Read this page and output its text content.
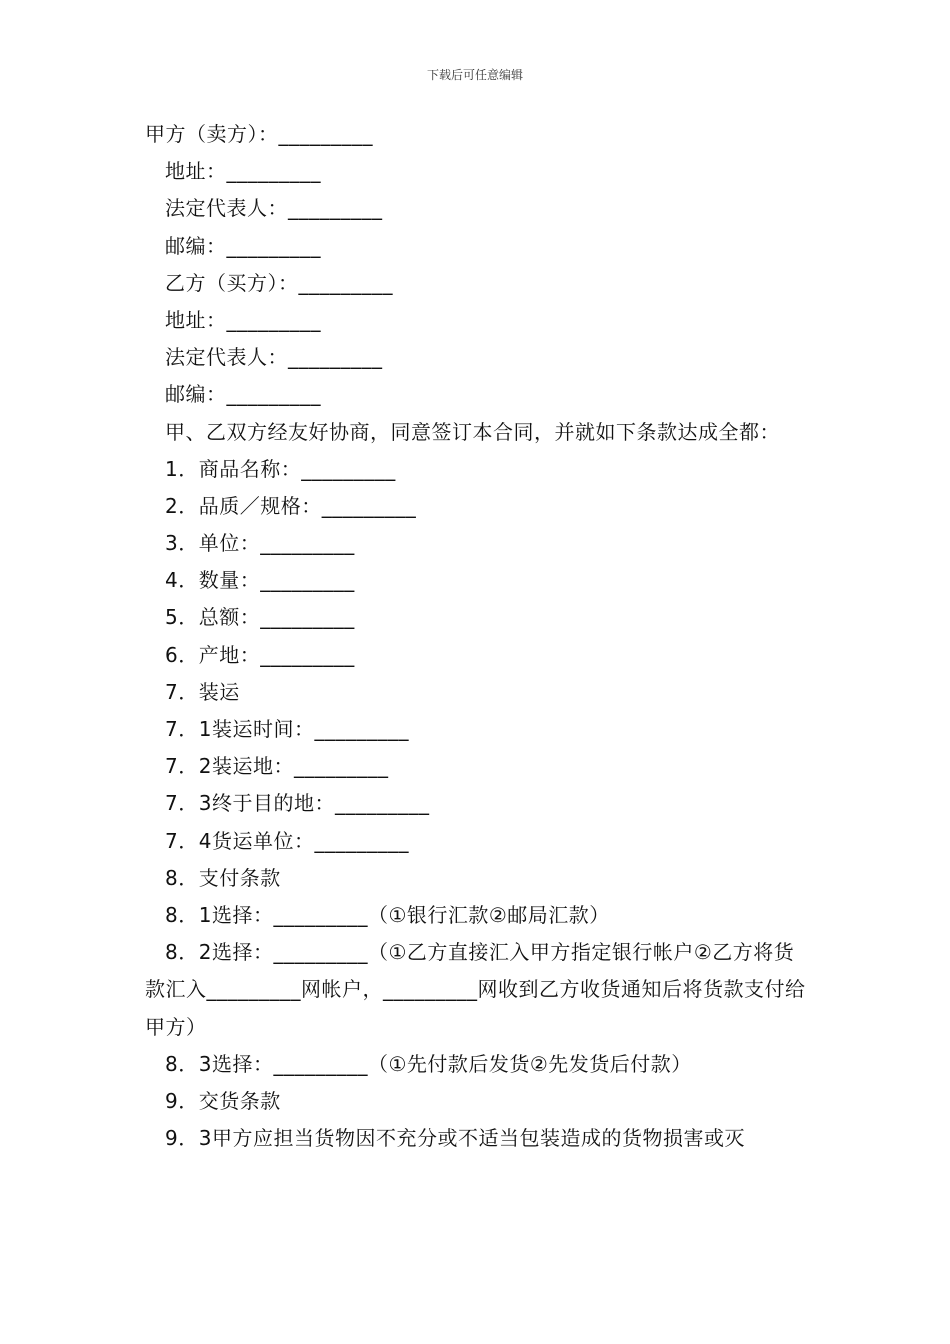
下载后可任意编辑
甲方（卖方）：_________
地址：_________
法定代表人：_________
邮编：_________
乙方（买方）：_________
地址：_________
法定代表人：_________
邮编：_________
甲、乙双方经友好协商，同意签订本合同，并就如下条款达成全都：
1．商品名称：_________
2．品质／规格：_________
3．单位：_________
4．数量：_________
5．总额：_________
6．产地：_________
7．装运
7．1装运时间：_________
7．2装运地：_________
7．3终于目的地：_________
7．4货运单位：_________
8．支付条款
8．1选择：_________（①银行汇款②邮局汇款）
8．2选择：_________（①乙方直接汇入甲方指定银行帐户②乙方将货款汇入_________网帐户，_________网收到乙方收货通知后将货款支付给甲方）
8．3选择：_________（①先付款后发货②先发货后付款）
9．交货条款
9．3甲方应担当货物因不充分或不适当包装造成的货物损害或灭
